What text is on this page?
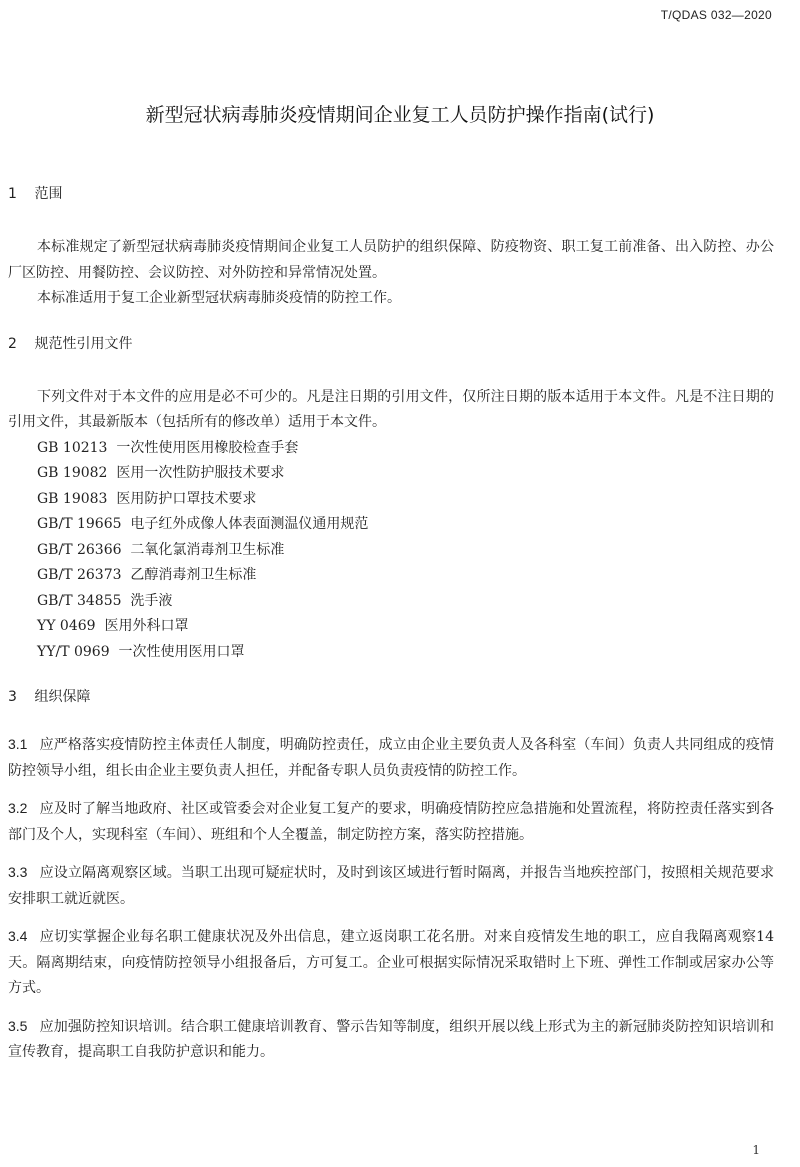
T/QDAS 032—2020
新型冠状病毒肺炎疫情期间企业复工人员防护操作指南(试行)
1 范围

本标准规定了新型冠状病毒肺炎疫情期间企业复工人员防护的组织保障、防疫物资、职工复工前准备、出入防控、办公厂区防控、用餐防控、会议防控、对外防控和异常情况处置。

本标准适用于复工企业新型冠状病毒肺炎疫情的防控工作。

2 规范性引用文件

下列文件对于本文件的应用是必不可少的。凡是注日期的引用文件，仅所注日期的版本适用于本文件。凡是不注日期的引用文件，其最新版本（包括所有的修改单）适用于本文件。

GB 10213  一次性使用医用橡胶检查手套
GB 19082  医用一次性防护服技术要求
GB 19083  医用防护口罩技术要求
GB/T 19665  电子红外成像人体表面测温仪通用规范
GB/T 26366  二氧化氯消毒剂卫生标准
GB/T 26373  乙醇消毒剂卫生标准
GB/T 34855  洗手液
YY 0469  医用外科口罩
YY/T 0969  一次性使用医用口罩
3 组织保障

3.1 应严格落实疫情防控主体责任人制度，明确防控责任，成立由企业主要负责人及各科室（车间）负责人共同组成的疫情防控领导小组，组长由企业主要负责人担任，并配备专职人员负责疫情的防控工作。

3.2 应及时了解当地政府、社区或管委会对企业复工复产的要求，明确疫情防控应急措施和处置流程，将防控责任落实到各部门及个人，实现科室（车间）、班组和个人全覆盖，制定防控方案，落实防控措施。

3.3 应设立隔离观察区域。当职工出现可疑症状时，及时到该区域进行暂时隔离，并报告当地疾控部门，按照相关规范要求安排职工就近就医。

3.4 应切实掌握企业每名职工健康状况及外出信息，建立返岗职工花名册。对来自疫情发生地的职工，应自我隔离观察14天。隔离期结束，向疫情防控领导小组报备后，方可复工。企业可根据实际情况采取错时上下班、弹性工作制或居家办公等方式。

3.5 应加强防控知识培训。结合职工健康培训教育、警示告知等制度，组织开展以线上形式为主的新冠肺炎防控知识培训和宣传教育，提高职工自我防护意识和能力。

1
